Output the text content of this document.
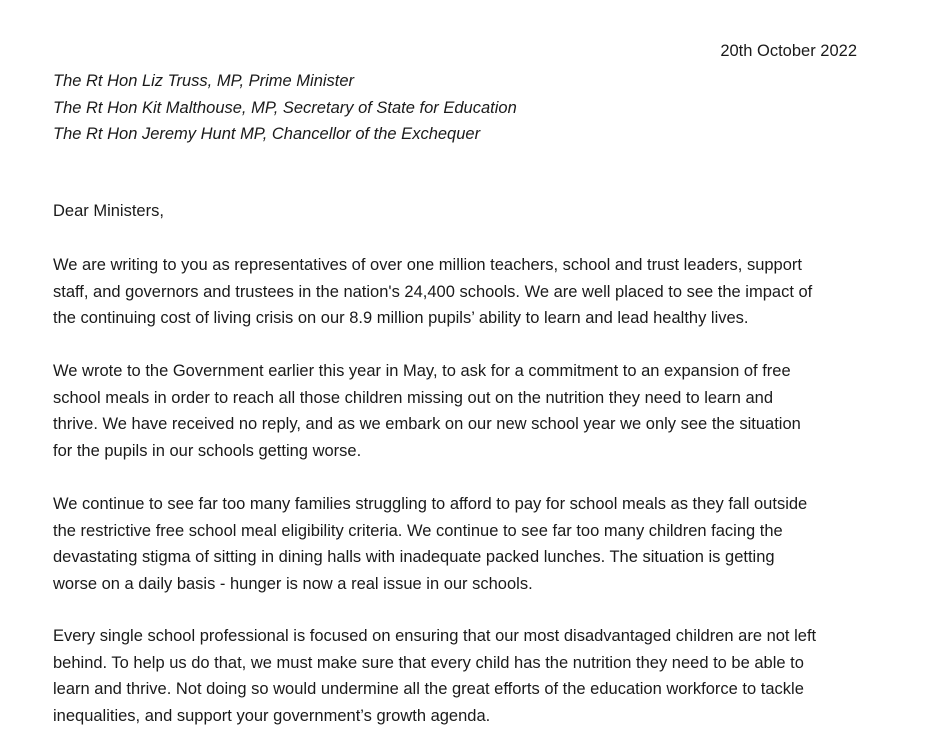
20th October 2022
The Rt Hon Liz Truss, MP, Prime Minister
The Rt Hon Kit Malthouse, MP, Secretary of State for Education
The Rt Hon Jeremy Hunt MP, Chancellor of the Exchequer
Dear Ministers,

We are writing to you as representatives of over one million teachers, school and trust leaders, support
staff, and governors and trustees in the nation's 24,400 schools. We are well placed to see the impact of
the continuing cost of living crisis on our 8.9 million pupils’ ability to learn and lead healthy lives.

We wrote to the Government earlier this year in May, to ask for a commitment to an expansion of free
school meals in order to reach all those children missing out on the nutrition they need to learn and
thrive. We have received no reply, and as we embark on our new school year we only see the situation
for the pupils in our schools getting worse.

We continue to see far too many families struggling to afford to pay for school meals as they fall outside
the restrictive free school meal eligibility criteria. We continue to see far too many children facing the
devastating stigma of sitting in dining halls with inadequate packed lunches. The situation is getting
worse on a daily basis - hunger is now a real issue in our schools.

Every single school professional is focused on ensuring that our most disadvantaged children are not left
behind. To help us do that, we must make sure that every child has the nutrition they need to be able to
learn and thrive. Not doing so would undermine all the great efforts of the education workforce to tackle
inequalities, and support your government’s growth agenda.
